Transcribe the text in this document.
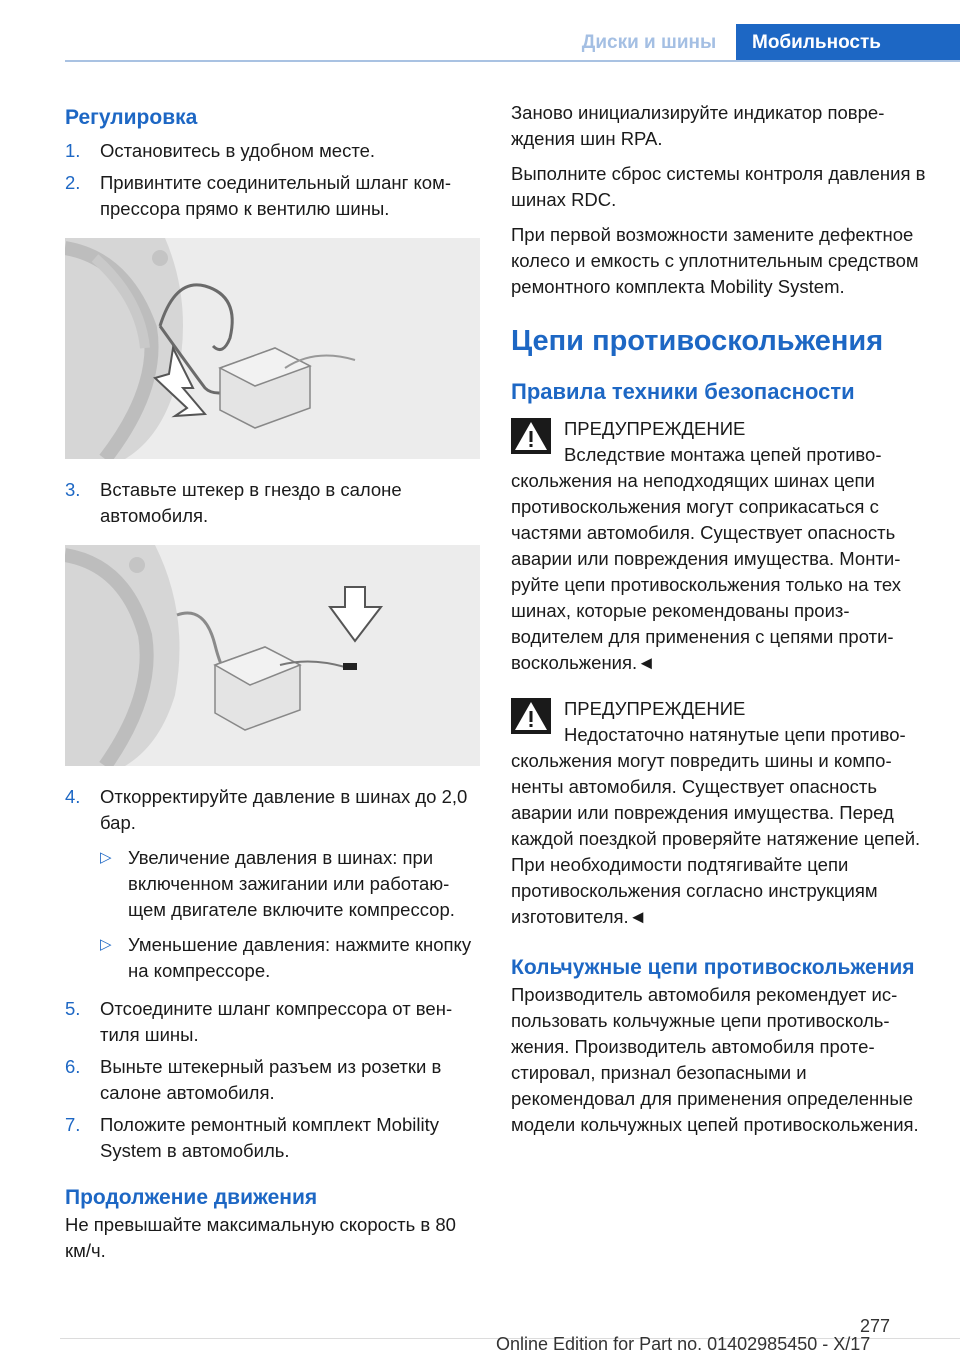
Диски и шины	Мобильность
Регулировка
1.	Остановитесь в удобном месте.
2.	Привинтите соединительный шланг компрессора прямо к вентилю шины.
3.	Вставьте штекер в гнездо в салоне автомобиля.
4.	Откорректируйте давление в шинах до 2,0 бар.
▷ Увеличение давления в шинах: при включенном зажигании или работающем двигателе включите компрессор.
▷ Уменьшение давления: нажмите кнопку на компрессоре.
5.	Отсоедините шланг компрессора от вентиля шины.
6.	Выньте штекерный разъем из розетки в салоне автомобиля.
7.	Положите ремонтный комплект Mobility System в автомобиль.
Продолжение движения

Не превышайте максимальную скорость в 80 км/ч.

Заново инициализируйте индикатор повреждения шин RPA.

Выполните сброс системы контроля давления в шинах RDC.

При первой возможности замените дефектное колесо и емкость с уплотнительным средством ремонтного комплекта Mobility System.

Цепи противоскольжения
Правила техники безопасности
ПРЕДУПРЕЖДЕНИЕ

Вследствие монтажа цепей противоскольжения на неподходящих шинах цепи противоскольжения могут соприкасаться с частями автомобиля. Существует опасность аварии или повреждения имущества. Монтируйте цепи противоскольжения только на тех шинах, которые рекомендованы производителем для применения с цепями противоскольжения.◄

ПРЕДУПРЕЖДЕНИЕ

Недостаточно натянутые цепи противоскольжения могут повредить шины и компоненты автомобиля. Существует опасность аварии или повреждения имущества. Перед каждой поездкой проверяйте натяжение цепей. При необходимости подтягивайте цепи противоскольжения согласно инструкциям изготовителя.◄

Кольчужные цепи противоскольжения

Производитель автомобиля рекомендует использовать кольчужные цепи противоскольжения. Производитель автомобиля протeстировал, признал безопасными и рекомендовал для применения определенные модели кольчужных цепей противоскольжения.

277
Online Edition for Part no. 01402985450 - X/17
